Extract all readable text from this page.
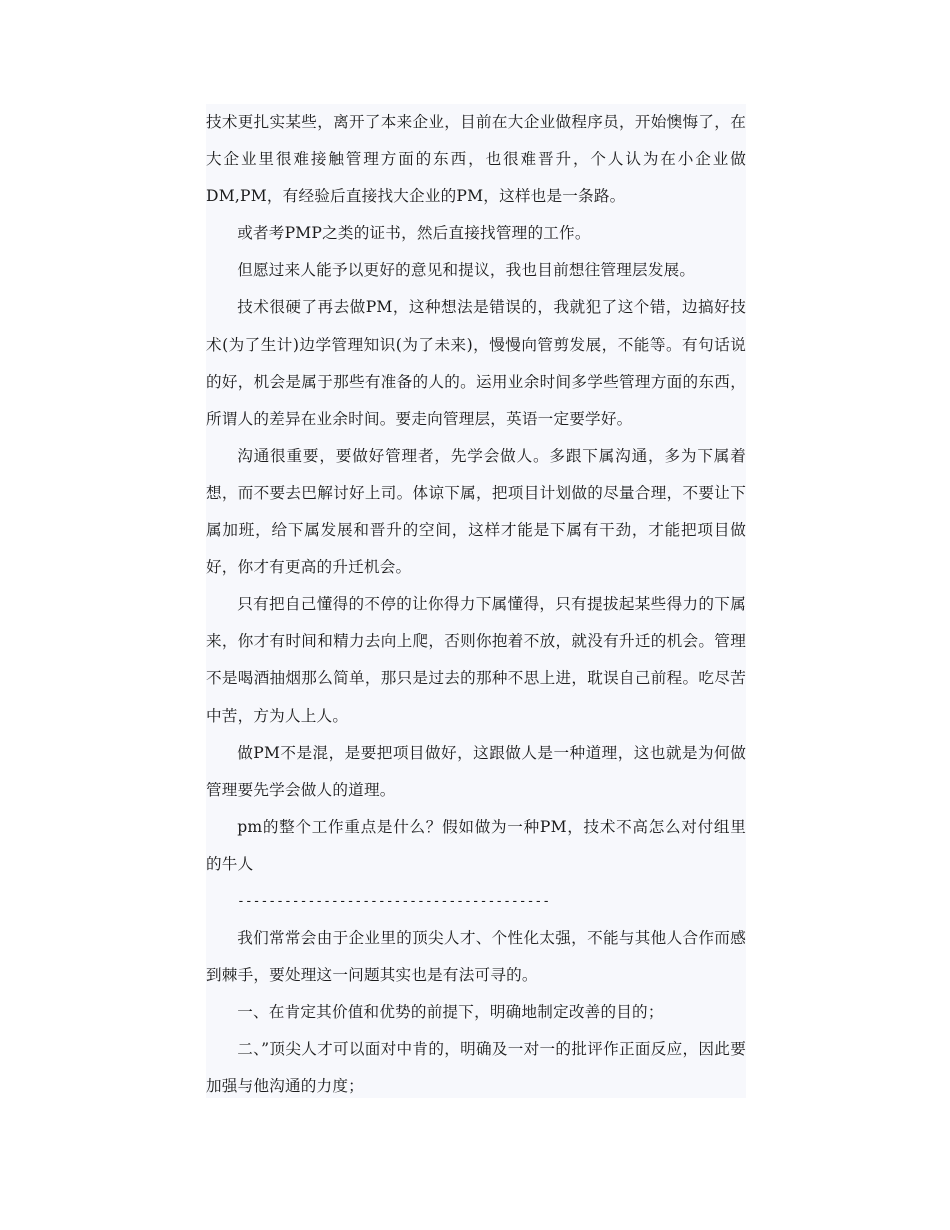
技术更扎实某些，离开了本来企业，目前在大企业做程序员，开始懊悔了，在大企业里很难接触管理方面的东西，也很难晋升，个人认为在小企业做DM,PM，有经验后直接找大企业的PM，这样也是一条路。

或者考PMP之类的证书，然后直接找管理的工作。

但愿过来人能予以更好的意见和提议，我也目前想往管理层发展。

技术很硬了再去做PM，这种想法是错误的，我就犯了这个错，边搞好技术(为了生计)边学管理知识(为了未来)，慢慢向管剪发展，不能等。有句话说的好，机会是属于那些有准备的人的。运用业余时间多学些管理方面的东西，所谓人的差异在业余时间。要走向管理层，英语一定要学好。

沟通很重要，要做好管理者，先学会做人。多跟下属沟通，多为下属着想，而不要去巴解讨好上司。体谅下属，把项目计划做的尽量合理，不要让下属加班，给下属发展和晋升的空间，这样才能是下属有干劲，才能把项目做好，你才有更高的升迁机会。

只有把自己懂得的不停的让你得力下属懂得，只有提拔起某些得力的下属来，你才有时间和精力去向上爬，否则你抱着不放，就没有升迁的机会。管理不是喝酒抽烟那么简单，那只是过去的那种不思上进，耽误自己前程。吃尽苦中苦，方为人上人。

做PM不是混，是要把项目做好，这跟做人是一种道理，这也就是为何做管理要先学会做人的道理。

pm的整个工作重点是什么？假如做为一种PM，技术不高怎么对付组里的牛人

----------------------------------------

我们常常会由于企业里的顶尖人才、个性化太强，不能与其他人合作而感到棘手，要处理这一问题其实也是有法可寻的。

一、在肯定其价值和优势的前提下，明确地制定改善的目的；

二、”顶尖人才可以面对中肯的，明确及一对一的批评作正面反应，因此要加强与他沟通的力度；
